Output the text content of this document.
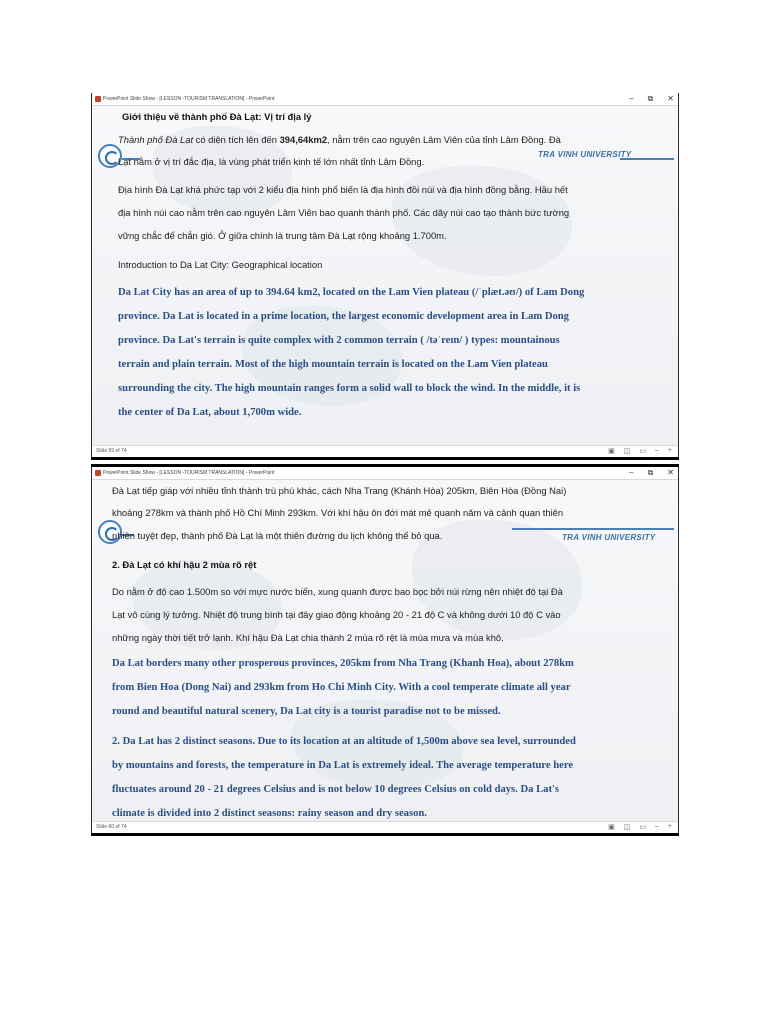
PowerPoint Slide Show - [LESSON -TOURISM TRANSLATION] - PowerPoint	– ⧉ ✕
TRA VINH UNIVERSITY
Giới thiệu về thành phố Đà Lạt: Vị trí địa lý
Thành phố Đà Lạt có diện tích lên đến 394,64km2, nằm trên cao nguyên Lâm Viên của tỉnh Lâm Đồng. Đà
Lạt nằm ở vị trí đắc địa, là vùng phát triển kinh tế lớn nhất tỉnh Lâm Đồng.
Địa hình Đà Lạt khá phức tạp với 2 kiểu địa hình phổ biến là địa hình đồi núi và địa hình đồng bằng. Hầu hết
địa hình núi cao nằm trên cao nguyên Lâm Viên bao quanh thành phố. Các dãy núi cao tạo thành bức tường
vững chắc để chắn gió. Ở giữa chính là trung tâm Đà Lạt rộng khoảng 1.700m.
Introduction to Da Lat City: Geographical location
Da Lat City has an area of up to 394.64 km2, located on the Lam Vien plateau (/ˈplæt.əʊ/) of Lam Dong
province. Da Lat is located in a prime location, the largest economic development area in Lam Dong
province. Da Lat's terrain is quite complex with 2 common terrain ( /təˈreɪn/ ) types: mountainous
terrain and plain terrain. Most of the high mountain terrain is located on the Lam Vien plateau
surrounding the city. The high mountain ranges form a solid wall to block the wind. In the middle, it is
the center of Da Lat, about 1,700m wide.
Slide 59 of 74	▣ ◫ ▭ – +
PowerPoint Slide Show - [LESSON -TOURISM TRANSLATION] - PowerPoint	– ⧉ ✕
TRA VINH UNIVERSITY
Đà Lạt tiếp giáp với nhiều tỉnh thành trù phú khác, cách Nha Trang (Khánh Hòa) 205km, Biên Hòa (Đồng Nai)
khoảng 278km và thành phố Hồ Chí Minh 293km. Với khí hậu ôn đới mát mẻ quanh năm và cảnh quan thiên
nhiên tuyệt đẹp, thành phố Đà Lạt là một thiên đường du lịch không thể bỏ qua.
2. Đà Lạt có khí hậu 2 mùa rõ rệt
Do nằm ở độ cao 1.500m so với mực nước biển, xung quanh được bao bọc bởi núi rừng nên nhiệt độ tại Đà
Lạt vô cùng lý tưởng. Nhiệt độ trung bình tại đây giao động khoảng 20 - 21 độ C và không dưới 10 độ C vào
những ngày thời tiết trở lạnh. Khí hậu Đà Lạt chia thành 2 mùa rõ rệt là mùa mưa và mùa khô.
Da Lat borders many other prosperous provinces, 205km from Nha Trang (Khanh Hoa), about 278km
from Bien Hoa (Dong Nai) and 293km from Ho Chi Minh City. With a cool temperate climate all year
round and beautiful natural scenery, Da Lat city is a tourist paradise not to be missed.
2. Da Lat has 2 distinct seasons. Due to its location at an altitude of 1,500m above sea level, surrounded
by mountains and forests, the temperature in Da Lat is extremely ideal. The average temperature here
fluctuates around 20 - 21 degrees Celsius and is not below 10 degrees Celsius on cold days. Da Lat's
climate is divided into 2 distinct seasons: rainy season and dry season.
Slide 60 of 74	▣ ◫ ▭ – +
